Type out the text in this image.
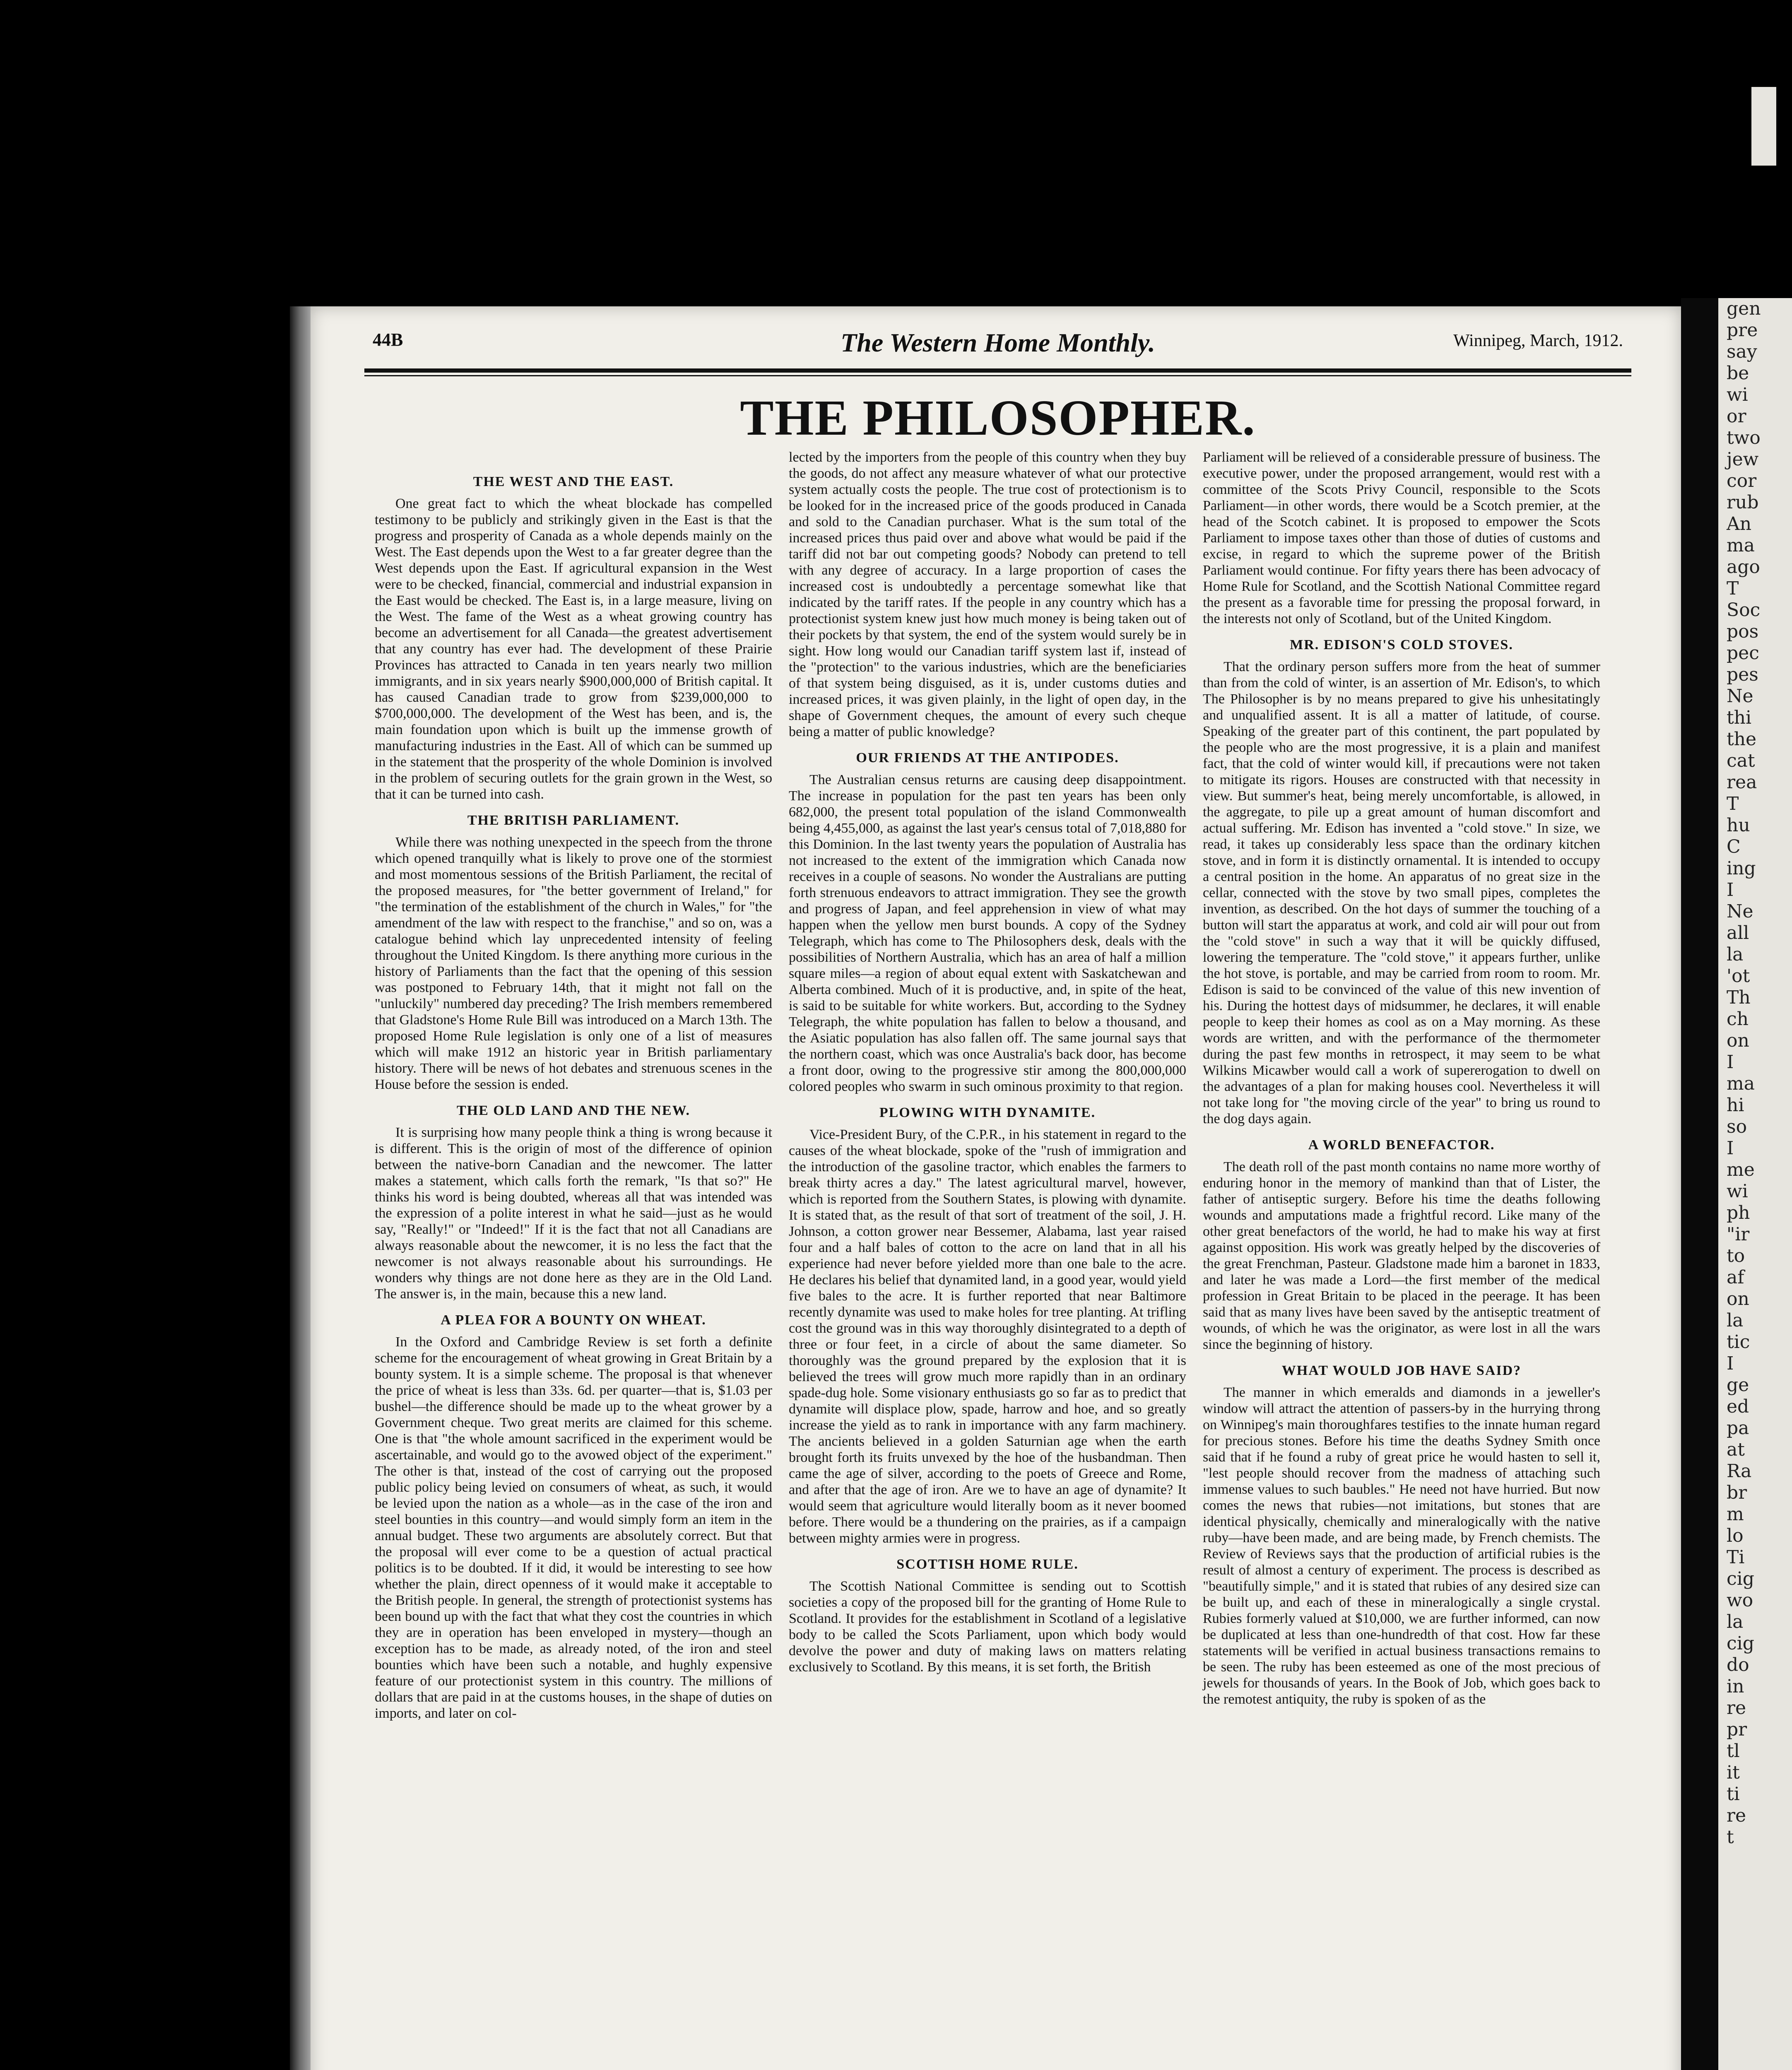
gen
pre
say
be
wi
or
two
jew
cor
rub
An
ma
ago
T
Soc
pos
pec
pes
Ne
thi
the
cat
rea
T
hu
C
ing
I
Ne
all
la
'ot
Th
ch
on
I
ma
hi
so
I
me
wi
ph
"ir
to
af
on
la
tic
I
ge
ed
pa
at
Ra
br
m
lo
Ti
cig
wo
la
cig
do
in
re
pr
tl
it
ti
re
t
44B	The Western Home Monthly.	Winnipeg, March, 1912.
THE PHILOSOPHER.
THE WEST AND THE EAST.

One great fact to which the wheat blockade has compelled testimony to be publicly and strikingly given in the East is that the progress and prosperity of Canada as a whole depends mainly on the West. The East depends upon the West to a far greater degree than the West depends upon the East. If agricultural expansion in the West were to be checked, financial, commercial and industrial expansion in the East would be checked. The East is, in a large measure, living on the West. The fame of the West as a wheat growing country has become an advertisement for all Canada—the greatest advertisement that any country has ever had. The development of these Prairie Provinces has attracted to Canada in ten years nearly two million immigrants, and in six years nearly $900,000,000 of British capital. It has caused Canadian trade to grow from $239,000,000 to $700,000,000. The development of the West has been, and is, the main foundation upon which is built up the immense growth of manufacturing industries in the East. All of which can be summed up in the statement that the prosperity of the whole Dominion is involved in the problem of securing outlets for the grain grown in the West, so that it can be turned into cash.

THE BRITISH PARLIAMENT.

While there was nothing unexpected in the speech from the throne which opened tranquilly what is likely to prove one of the stormiest and most momentous sessions of the British Parliament, the recital of the proposed measures, for "the better government of Ireland," for "the termination of the establishment of the church in Wales," for "the amendment of the law with respect to the franchise," and so on, was a catalogue behind which lay unprecedented intensity of feeling throughout the United Kingdom. Is there anything more curious in the history of Parliaments than the fact that the opening of this session was postponed to February 14th, that it might not fall on the "unluckily" numbered day preceding? The Irish members remembered that Gladstone's Home Rule Bill was introduced on a March 13th. The proposed Home Rule legislation is only one of a list of measures which will make 1912 an historic year in British parliamentary history. There will be news of hot debates and strenuous scenes in the House before the session is ended.

THE OLD LAND AND THE NEW.

It is surprising how many people think a thing is wrong because it is different. This is the origin of most of the difference of opinion between the native-born Canadian and the newcomer. The latter makes a statement, which calls forth the remark, "Is that so?" He thinks his word is being doubted, whereas all that was intended was the expression of a polite interest in what he said—just as he would say, "Really!" or "Indeed!" If it is the fact that not all Canadians are always reasonable about the newcomer, it is no less the fact that the newcomer is not always reasonable about his surroundings. He wonders why things are not done here as they are in the Old Land. The answer is, in the main, because this a new land.

A PLEA FOR A BOUNTY ON WHEAT.

In the Oxford and Cambridge Review is set forth a definite scheme for the encouragement of wheat growing in Great Britain by a bounty system. It is a simple scheme. The proposal is that whenever the price of wheat is less than 33s. 6d. per quarter—that is, $1.03 per bushel—the difference should be made up to the wheat grower by a Government cheque. Two great merits are claimed for this scheme. One is that "the whole amount sacrificed in the experiment would be ascertainable, and would go to the avowed object of the experiment." The other is that, instead of the cost of carrying out the proposed public policy being levied on consumers of wheat, as such, it would be levied upon the nation as a whole—as in the case of the iron and steel bounties in this country—and would simply form an item in the annual budget. These two arguments are absolutely correct. But that the proposal will ever come to be a question of actual practical politics is to be doubted. If it did, it would be interesting to see how whether the plain, direct openness of it would make it acceptable to the British people. In general, the strength of protectionist systems has been bound up with the fact that what they cost the countries in which they are in operation has been enveloped in mystery—though an exception has to be made, as already noted, of the iron and steel bounties which have been such a notable, and hughly expensive feature of our protectionist system in this country. The millions of dollars that are paid in at the customs houses, in the shape of duties on imports, and later on col-

lected by the importers from the people of this country when they buy the goods, do not affect any measure whatever of what our protective system actually costs the people. The true cost of protectionism is to be looked for in the increased price of the goods produced in Canada and sold to the Canadian purchaser. What is the sum total of the increased prices thus paid over and above what would be paid if the tariff did not bar out competing goods? Nobody can pretend to tell with any degree of accuracy. In a large proportion of cases the increased cost is undoubtedly a percentage somewhat like that indicated by the tariff rates. If the people in any country which has a protectionist system knew just how much money is being taken out of their pockets by that system, the end of the system would surely be in sight. How long would our Canadian tariff system last if, instead of the "protection" to the various industries, which are the beneficiaries of that system being disguised, as it is, under customs duties and increased prices, it was given plainly, in the light of open day, in the shape of Government cheques, the amount of every such cheque being a matter of public knowledge?

OUR FRIENDS AT THE ANTIPODES.

The Australian census returns are causing deep disappointment. The increase in population for the past ten years has been only 682,000, the present total population of the island Commonwealth being 4,455,000, as against the last year's census total of 7,018,880 for this Dominion. In the last twenty years the population of Australia has not increased to the extent of the immigration which Canada now receives in a couple of seasons. No wonder the Australians are putting forth strenuous endeavors to attract immigration. They see the growth and progress of Japan, and feel apprehension in view of what may happen when the yellow men burst bounds. A copy of the Sydney Telegraph, which has come to The Philosophers desk, deals with the possibilities of Northern Australia, which has an area of half a million square miles—a region of about equal extent with Saskatchewan and Alberta combined. Much of it is productive, and, in spite of the heat, is said to be suitable for white workers. But, according to the Sydney Telegraph, the white population has fallen to below a thousand, and the Asiatic population has also fallen off. The same journal says that the northern coast, which was once Australia's back door, has become a front door, owing to the progressive stir among the 800,000,000 colored peoples who swarm in such ominous proximity to that region.

PLOWING WITH DYNAMITE.

Vice-President Bury, of the C.P.R., in his statement in regard to the causes of the wheat blockade, spoke of the "rush of immigration and the introduction of the gasoline tractor, which enables the farmers to break thirty acres a day." The latest agricultural marvel, however, which is reported from the Southern States, is plowing with dynamite. It is stated that, as the result of that sort of treatment of the soil, J. H. Johnson, a cotton grower near Bessemer, Alabama, last year raised four and a half bales of cotton to the acre on land that in all his experience had never before yielded more than one bale to the acre. He declares his belief that dynamited land, in a good year, would yield five bales to the acre. It is further reported that near Baltimore recently dynamite was used to make holes for tree planting. At trifling cost the ground was in this way thoroughly disintegrated to a depth of three or four feet, in a circle of about the same diameter. So thoroughly was the ground prepared by the explosion that it is believed the trees will grow much more rapidly than in an ordinary spade-dug hole. Some visionary enthusiasts go so far as to predict that dynamite will displace plow, spade, harrow and hoe, and so greatly increase the yield as to rank in importance with any farm machinery. The ancients believed in a golden Saturnian age when the earth brought forth its fruits unvexed by the hoe of the husbandman. Then came the age of silver, according to the poets of Greece and Rome, and after that the age of iron. Are we to have an age of dynamite? It would seem that agriculture would literally boom as it never boomed before. There would be a thundering on the prairies, as if a campaign between mighty armies were in progress.

SCOTTISH HOME RULE.

The Scottish National Committee is sending out to Scottish societies a copy of the proposed bill for the granting of Home Rule to Scotland. It provides for the establishment in Scotland of a legislative body to be called the Scots Parliament, upon which body would devolve the power and duty of making laws on matters relating exclusively to Scotland. By this means, it is set forth, the British

Parliament will be relieved of a considerable pressure of business. The executive power, under the proposed arrangement, would rest with a committee of the Scots Privy Council, responsible to the Scots Parliament—in other words, there would be a Scotch premier, at the head of the Scotch cabinet. It is proposed to empower the Scots Parliament to impose taxes other than those of duties of customs and excise, in regard to which the supreme power of the British Parliament would continue. For fifty years there has been advocacy of Home Rule for Scotland, and the Scottish National Committee regard the present as a favorable time for pressing the proposal forward, in the interests not only of Scotland, but of the United Kingdom.

MR. EDISON'S COLD STOVES.

That the ordinary person suffers more from the heat of summer than from the cold of winter, is an assertion of Mr. Edison's, to which The Philosopher is by no means prepared to give his unhesitatingly and unqualified assent. It is all a matter of latitude, of course. Speaking of the greater part of this continent, the part populated by the people who are the most progressive, it is a plain and manifest fact, that the cold of winter would kill, if precautions were not taken to mitigate its rigors. Houses are constructed with that necessity in view. But summer's heat, being merely uncomfortable, is allowed, in the aggregate, to pile up a great amount of human discomfort and actual suffering. Mr. Edison has invented a "cold stove." In size, we read, it takes up considerably less space than the ordinary kitchen stove, and in form it is distinctly ornamental. It is intended to occupy a central position in the home. An apparatus of no great size in the cellar, connected with the stove by two small pipes, completes the invention, as described. On the hot days of summer the touching of a button will start the apparatus at work, and cold air will pour out from the "cold stove" in such a way that it will be quickly diffused, lowering the temperature. The "cold stove," it appears further, unlike the hot stove, is portable, and may be carried from room to room. Mr. Edison is said to be convinced of the value of this new invention of his. During the hottest days of midsummer, he declares, it will enable people to keep their homes as cool as on a May morning. As these words are written, and with the performance of the thermometer during the past few months in retrospect, it may seem to be what Wilkins Micawber would call a work of supererogation to dwell on the advantages of a plan for making houses cool. Nevertheless it will not take long for "the moving circle of the year" to bring us round to the dog days again.

A WORLD BENEFACTOR.

The death roll of the past month contains no name more worthy of enduring honor in the memory of mankind than that of Lister, the father of antiseptic surgery. Before his time the deaths following wounds and amputations made a frightful record. Like many of the other great benefactors of the world, he had to make his way at first against opposition. His work was greatly helped by the discoveries of the great Frenchman, Pasteur. Gladstone made him a baronet in 1833, and later he was made a Lord—the first member of the medical profession in Great Britain to be placed in the peerage. It has been said that as many lives have been saved by the antiseptic treatment of wounds, of which he was the originator, as were lost in all the wars since the beginning of history.

WHAT WOULD JOB HAVE SAID?

The manner in which emeralds and diamonds in a jeweller's window will attract the attention of passers-by in the hurrying throng on Winnipeg's main thoroughfares testifies to the innate human regard for precious stones. Before his time the deaths Sydney Smith once said that if he found a ruby of great price he would hasten to sell it, "lest people should recover from the madness of attaching such immense values to such baubles." He need not have hurried. But now comes the news that rubies—not imitations, but stones that are identical physically, chemically and mineralogically with the native ruby—have been made, and are being made, by French chemists. The Review of Reviews says that the production of artificial rubies is the result of almost a century of experiment. The process is described as "beautifully simple," and it is stated that rubies of any desired size can be built up, and each of these in mineralogically a single crystal. Rubies formerly valued at $10,000, we are further informed, can now be duplicated at less than one-hundredth of that cost. How far these statements will be verified in actual business transactions remains to be seen. The ruby has been esteemed as one of the most precious of jewels for thousands of years. In the Book of Job, which goes back to the remotest antiquity, the ruby is spoken of as the
